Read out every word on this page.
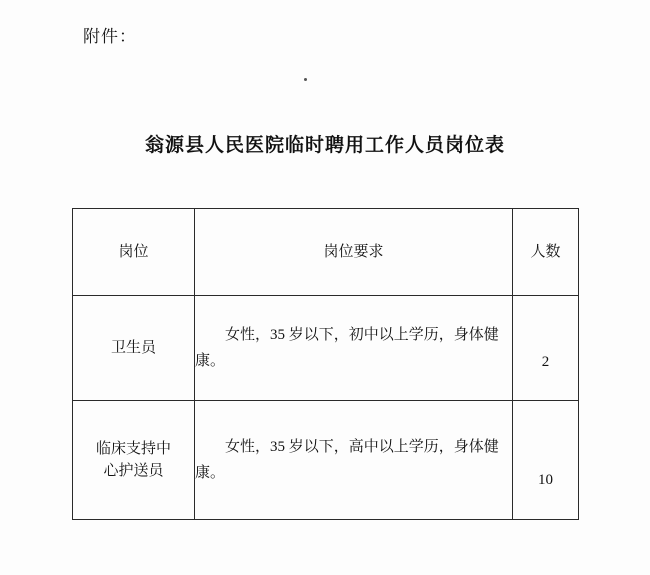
附件：
翁源县人民医院临时聘用工作人员岗位表
岗位	岗位要求	人数
卫生员	女性，35 岁以下，初中以上学历，身体健康。	2

临床支持中
心护送员	女性，35 岁以下，高中以上学历，身体健康。	10
